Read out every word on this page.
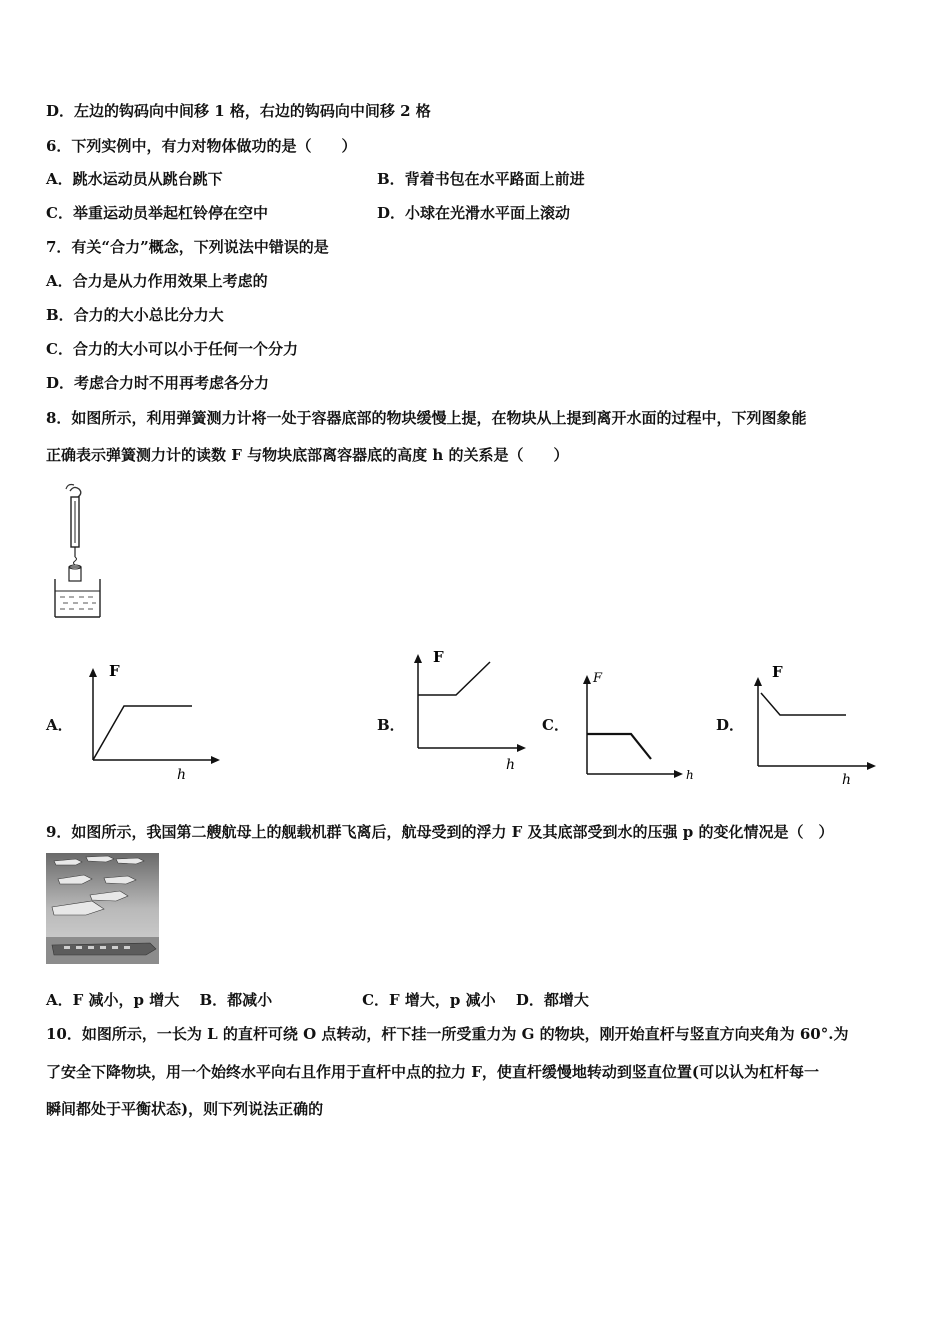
D．左边的钩码向中间移 1 格，右边的钩码向中间移 2 格
6．下列实例中，有力对物体做功的是（　　）
A．跳水运动员从跳台跳下	B．背着书包在水平路面上前进
C．举重运动员举起杠铃停在空中	D．小球在光滑水平面上滚动
7．有关“合力”概念，下列说法中错误的是
A．合力是从力作用效果上考虑的
B．合力的大小总比分力大
C．合力的大小可以小于任何一个分力
D．考虑合力时不用再考虑各分力
8．如图所示，利用弹簧测力计将一处于容器底部的物块缓慢上提，在物块从上提到离开水面的过程中，下列图象能
正确表示弹簧测力计的读数 F 与物块底部离容器底的高度 h 的关系是（　　）
A．
F
h
B．
F
h
C．
F
h
D．
F
h
9．如图所示，我国第二艘航母上的舰载机群飞离后，航母受到的浮力 F 及其底部受到水的压强 p 的变化情况是（　）
A．F 减小，p 增大　 B．都减小　　　　　　C．F 增大，p 减小　 D．都增大
10．如图所示，一长为 L 的直杆可绕 O 点转动，杆下挂一所受重力为 G 的物块，刚开始直杆与竖直方向夹角为 60°.为
了安全下降物块，用一个始终水平向右且作用于直杆中点的拉力 F，使直杆缓慢地转动到竖直位置(可以认为杠杆每一
瞬间都处于平衡状态)，则下列说法正确的
